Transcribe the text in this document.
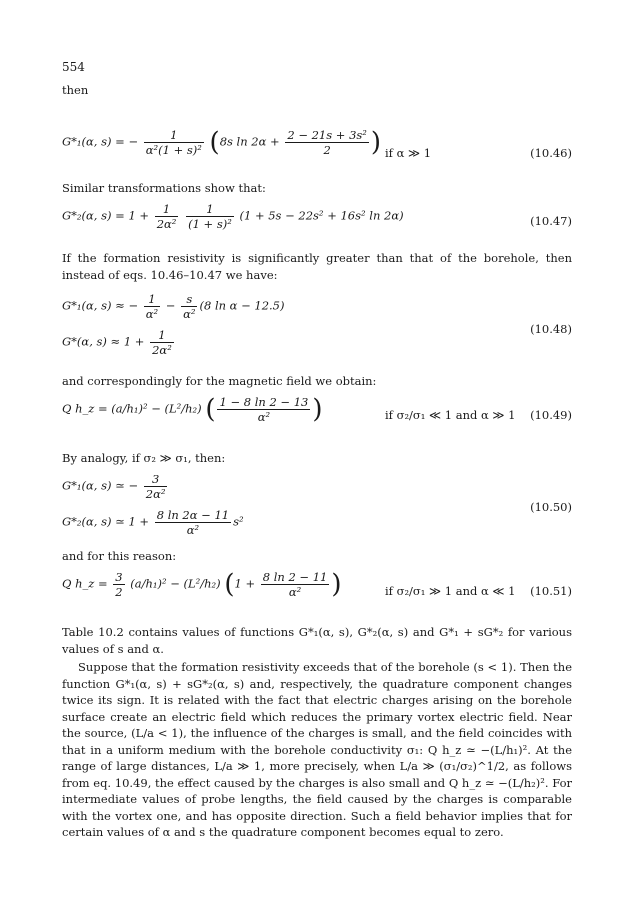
554
then
G*₁(α, s) = − $\frac{1}{\text{α²(1 + s)²}} (8s$ $\ln 2\alpha + \frac{\text{2 − 21s + 3s²}}{2}$ ) if α ≫ 1	(10.46)
Similar transformations show that:
G*₂(α, $s) = 1 + \frac{1}{\text{2α²}}$
$\frac{1}{\text{(1 + s)²}} (1 + 5s - 22s^2 + 16s^2$ ln 2α)	(10.47)
If the formation resistivity is significantly greater than that of the borehole, then instead of eqs. 10.46–10.47 we have:
G*₁(α, s) ≈ − $\frac{1}{\text{α²}} - \frac{s}{\text{α²}} (8$ ln α − 12.5)
G*(α, $s) \approx 1 + \frac{1}{\text{2α²}}$	(10.48)
and correspondingly for the magnetic field we obtain:
Q h_z = (a/h₁)² − (L²/h₂) ( $\frac{1 - 8 \ln 2 - 13}{\text{α²}}$ )	if σ₂/σ₁ ≪ 1 and α ≫ 1 (10.49)
By analogy, if σ₂ ≫ σ₁, then:
G*₁(α, s) ≃ − $\frac{3}{\text{2α²}}$
G*₂(α, s) ≃ $1 + \frac{8 \ln 2\alpha - 11}{\text{α²}} s^2$
(10.50)
and for this reason:
Q h_z = $\frac{3}{2} (a/h_1)^2 - (L^2/h_2) (1 + \frac{8 \ln 2 - 11}{\text{α²}}$ )	if σ₂/σ₁ ≫ 1 and α ≪ 1 (10.51)
Table 10.2 contains values of functions G*₁(α, s), G*₂(α, s) and G*₁ + sG*₂ for various values of s and α.
Suppose that the formation resistivity exceeds that of the borehole (s < 1). Then the function G*₁(α, s) + sG*₂(α, s) and, respectively, the quadrature component changes twice its sign. It is related with the fact that electric charges arising on the borehole surface create an electric field which reduces the primary vortex electric field. Near the source, (L/a < 1), the influence of the charges is small, and the field coincides with that in a uniform medium with the borehole conductivity σ₁: Q h_z ≃ −(L/h₁)². At the range of large distances, L/a ≫ 1, more precisely, when L/a ≫ (σ₁/σ₂)^1/2, as follows from eq. 10.49, the effect caused by the charges is also small and Q h_z ≃ −(L/h₂)². For intermediate values of probe lengths, the field caused by the charges is comparable with the vortex one, and has opposite direction. Such a field behavior implies that for certain values of α and s the quadrature component becomes equal to zero.
